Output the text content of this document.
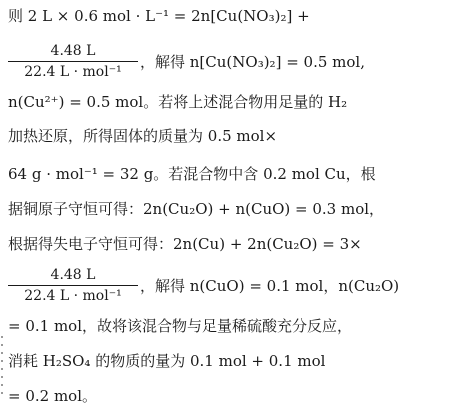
则 2 L × 0.6 mol · L⁻¹ = 2n[Cu(NO₃)₂] +
4.48 L
22.4 L · mol⁻¹
，解得 n[Cu(NO₃)₂] = 0.5 mol,
n(Cu²⁺) = 0.5 mol。若将上述混合物用足量的 H₂
加热还原，所得固体的质量为 0.5 mol×
64 g · mol⁻¹ = 32 g。若混合物中含 0.2 mol Cu，根
据铜原子守恒可得：2n(Cu₂O) + n(CuO) = 0.3 mol，
根据得失电子守恒可得：2n(Cu) + 2n(Cu₂O) = 3×
4.48 L
22.4 L · mol⁻¹
，解得 n(CuO) = 0.1 mol，n(Cu₂O)
= 0.1 mol，故将该混合物与足量稀硫酸充分反应，
消耗 H₂SO₄ 的物质的量为 0.1 mol + 0.1 mol
= 0.2 mol。
